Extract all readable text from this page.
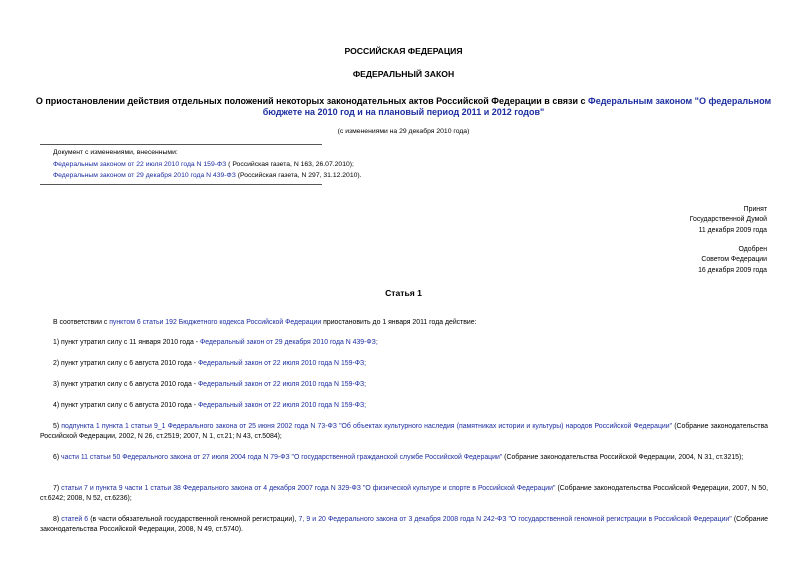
РОССИЙСКАЯ ФЕДЕРАЦИЯ
ФЕДЕРАЛЬНЫЙ ЗАКОН
О приостановлении действия отдельных положений некоторых законодательных актов Российской Федерации в связи с Федеральным законом "О федеральном бюджете на 2010 год и на плановый период 2011 и 2012 годов"
(с изменениями на 29 декабря 2010 года)
Документ с изменениями, внесенными:
Федеральным законом от 22 июля 2010 года N 159-ФЗ ( Российская газета, N 163, 26.07.2010);
Федеральным законом от 29 декабря 2010 года N 439-ФЗ (Российская газета, N 297, 31.12.2010).
Принят
Государственной Думой
11 декабря 2009 года
Одобрен
Советом Федерации
16 декабря 2009 года
Статья 1
В соответствии с пунктом 6 статьи 192 Бюджетного кодекса Российской Федерации приостановить до 1 января 2011 года действие:
1) пункт утратил силу с 11 января 2010 года - Федеральный закон от 29 декабря 2010 года N 439-ФЗ;
2) пункт утратил силу с 6 августа 2010 года - Федеральный закон от 22 июля 2010 года N 159-ФЗ;
3) пункт утратил силу с 6 августа 2010 года - Федеральный закон от 22 июля 2010 года N 159-ФЗ;
4) пункт утратил силу с 6 августа 2010 года - Федеральный закон от 22 июля 2010 года N 159-ФЗ;
5) подпункта 1 пункта 1 статьи 9_1 Федерального закона от 25 июня 2002 года N 73-ФЗ "Об объектах культурного наследия (памятниках истории и культуры) народов Российской Федерации" (Собрание законодательства Российской Федерации, 2002, N 26, ст.2519; 2007, N 1, ст.21; N 43, ст.5084);
6) части 11 статьи 50 Федерального закона от 27 июля 2004 года N 79-ФЗ "О государственной гражданской службе Российской Федерации" (Собрание законодательства Российской Федерации, 2004, N 31, ст.3215);
7) статьи 7 и пункта 9 части 1 статьи 38 Федерального закона от 4 декабря 2007 года N 329-ФЗ "О физической культуре и спорте в Российской Федерации" (Собрание законодательства Российской Федерации, 2007, N 50, ст.6242; 2008, N 52, ст.6236);
8) статей 6 (в части обязательной государственной геномной регистрации), 7, 9 и 20 Федерального закона от 3 декабря 2008 года N 242-ФЗ "О государственной геномной регистрации в Российской Федерации" (Собрание законодательства Российской Федерации, 2008, N 49, ст.5740).
